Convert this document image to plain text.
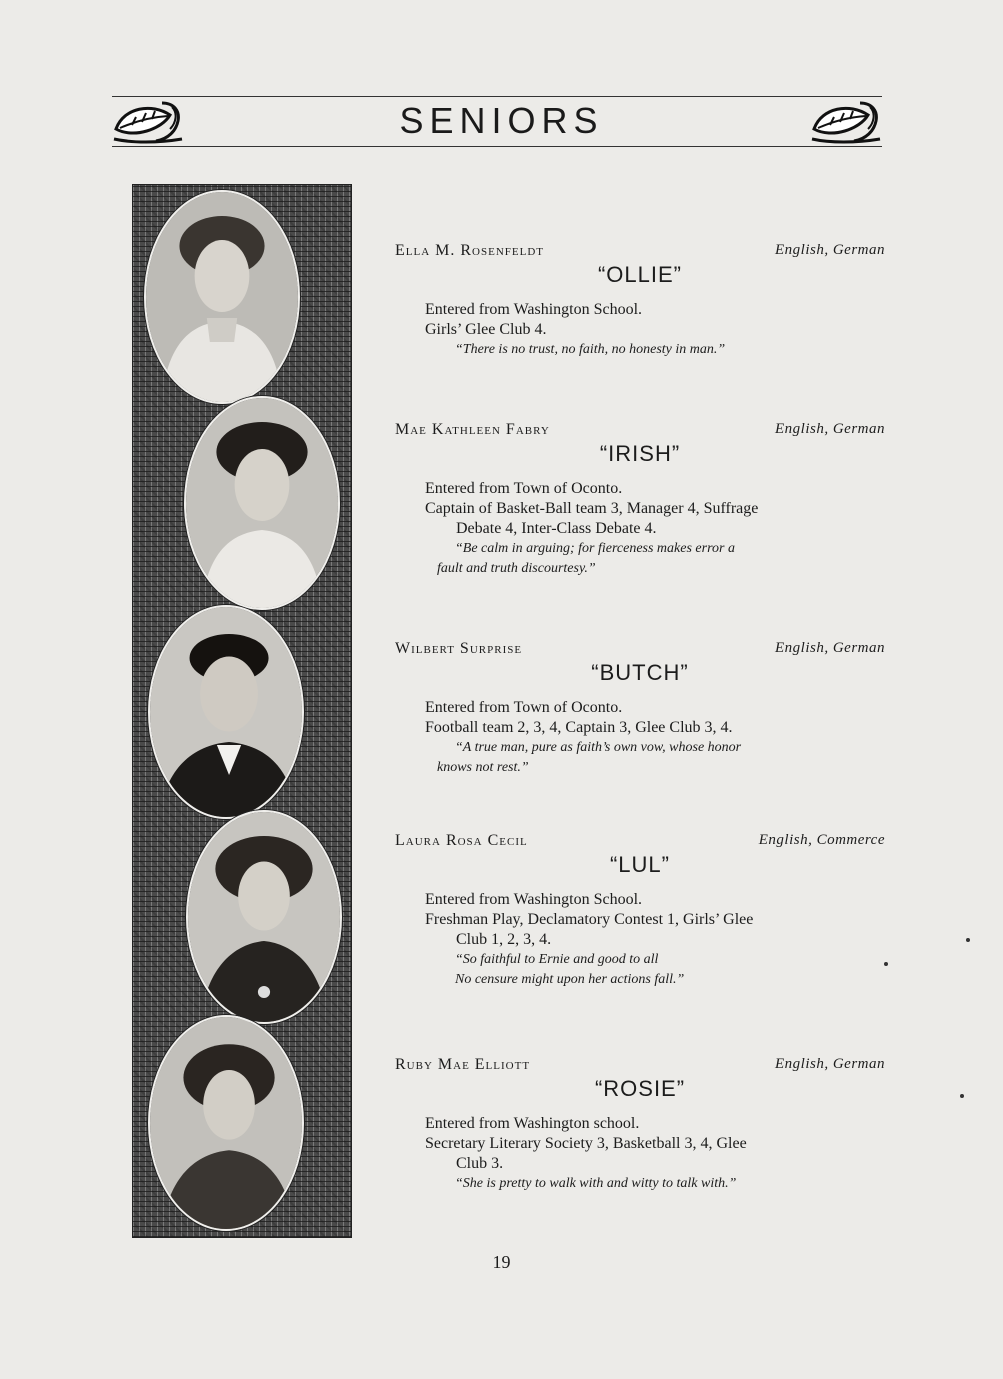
SENIORS
Ella M. Rosenfeldt	English, German
“OLLIE”
Entered from Washington School.
Girls’ Glee Club 4.
“There is no trust, no faith, no honesty in man.”
Mae Kathleen Fabry	English, German
“IRISH”
Entered from Town of Oconto.
Captain of Basket-Ball team 3, Manager 4, Suffrage
Debate 4, Inter-Class Debate 4.
“Be calm in arguing; for fierceness makes error a
fault and truth discourtesy.”
Wilbert Surprise	English, German
“BUTCH”
Entered from Town of Oconto.
Football team 2, 3, 4, Captain 3, Glee Club 3, 4.
“A true man, pure as faith’s own vow, whose honor
knows not rest.”
Laura Rosa Cecil	English, Commerce
“LUL”
Entered from Washington School.
Freshman Play, Declamatory Contest 1, Girls’ Glee
Club 1, 2, 3, 4.
“So faithful to Ernie and good to all
No censure might upon her actions fall.”
Ruby Mae Elliott	English, German
“ROSIE”
Entered from Washington school.
Secretary Literary Society 3, Basketball 3, 4, Glee
Club 3.
“She is pretty to walk with and witty to talk with.”
19
